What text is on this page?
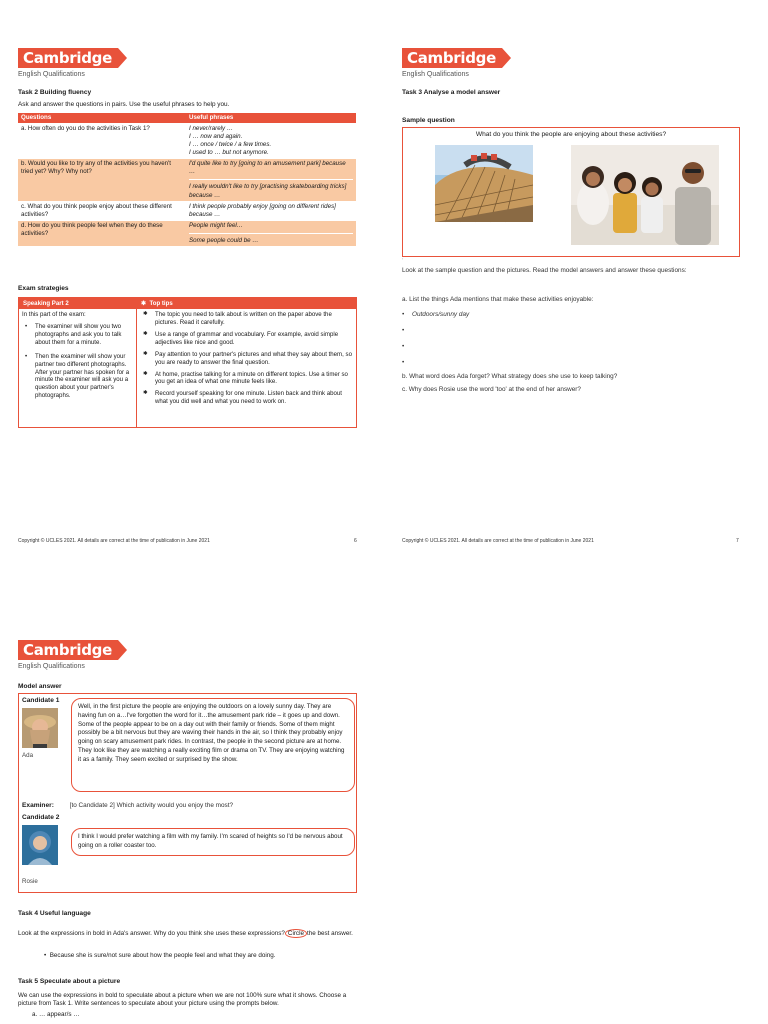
Cambridge
English Qualifications
Task 2 Building fluency
Ask and answer the questions in pairs. Use the useful phrases to help you.
Questions	Useful phrases
a. How often do you do the activities in Task 1?	I never/rarely …
I … now and again.
I … once / twice / a few times.
I used to … but not anymore.

b. Would you like to try any of the activities you haven't tried yet? Why? Why not?	I'd quite like to try [going to an amusement park] because …
I really wouldn't like to try [practising skateboarding tricks] because …

c. What do you think people enjoy about these different activities?	I think people probably enjoy [going on different rides] because …
d. How do you think people feel when they do these activities?	People might feel…
Some people could be …
Exam strategies
Speaking Part 2	✱  Top tips
In this part of the exam:
• The examiner will show you two photographs and ask you to talk about them for a minute.
• Then the examiner will show your partner two different photographs. After your partner has spoken for a minute the examiner will ask you a question about your partner's photographs.
✱ The topic you need to talk about is written on the paper above the pictures. Read it carefully.
✱ Use a range of grammar and vocabulary. For example, avoid simple adjectives like nice and good.
✱ Pay attention to your partner's pictures and what they say about them, so you are ready to answer the final question.
✱ At home, practise talking for a minute on different topics. Use a timer so you get an idea of what one minute feels like.
✱ Record yourself speaking for one minute. Listen back and think about what you did well and what you need to work on.
Copyright © UCLES 2021. All details are correct at the time of publication in June 2021	6
Cambridge
English Qualifications
Task 3 Analyse a model answer
Sample question
What do you think the people are enjoying about these activities?
'
Look at the sample question and the pictures. Read the model answers and answer these questions:
a. List the things Ada mentions that make these activities enjoyable:
• Outdoors/sunny day
•
•
•
b. What word does Ada forget? What strategy does she use to keep talking?
c. Why does Rosie use the word 'too' at the end of her answer?
Copyright © UCLES 2021. All details are correct at the time of publication in June 2021	7
Cambridge
English Qualifications
Model answer
Candidate 1
Ada
Well, in the first picture the people are enjoying the outdoors on a lovely sunny day. They are having fun on a…I've forgotten the word for it…the amusement park ride – it goes up and down. Some of the people appear to be on a day out with their family or friends. Some of them might possibly be a bit nervous but they are waving their hands in the air, so I think they probably enjoy going on scary amusement park rides. In contrast, the people in the second picture are at home. They look like they are watching a really exciting film or drama on TV. They are enjoying watching it as a family. They seem excited or surprised by the show.
Examiner: [to Candidate 2] Which activity would you enjoy the most?
Candidate 2
Rosie
I think I would prefer watching a film with my family. I'm scared of heights so I'd be nervous about going on a roller coaster too.
Task 4 Useful language
Look at the expressions in bold in Ada's answer. Why do you think she uses these expressions? Circle the best answer.
•  Because she is sure/not sure about how the people feel and what they are doing.
Task 5 Speculate about a picture
We can use the expressions in bold to speculate about a picture when we are not 100% sure what it shows. Choose a picture from Task 1. Write sentences to speculate about your picture using the prompts below.
a. … appear/s …
